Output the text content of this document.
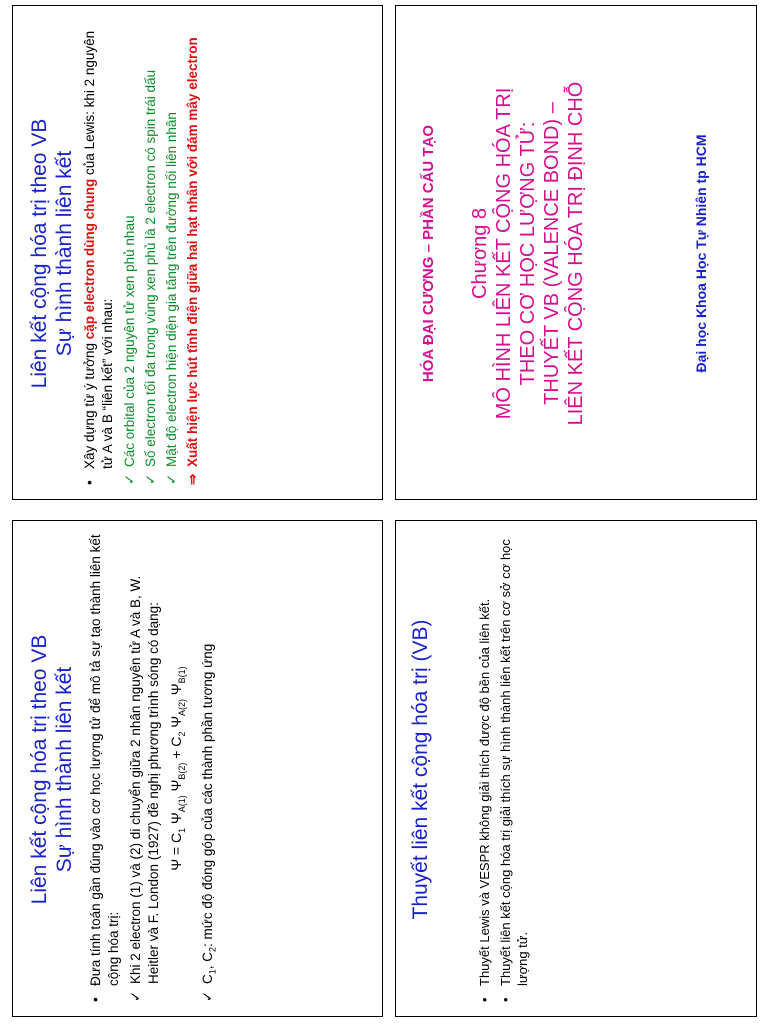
HÓA ĐẠI CƯƠNG – PHẦN CẤU TẠO Chương 8 MÔ HÌNH LIÊN KẾT CỘNG HÓA TRỊ THEO CƠ HỌC LƯỢNG TỬ: THUYẾT VB (VALENCE BOND) – LIÊN KẾT CỘNG HÓA TRỊ ĐỊNH CHỖ	Đại học Khoa Học Tự Nhiên tp HCM
Thuyết liên kết cộng hóa trị (VB)	• Thuyết Lewis và VESPR không giải thích được độ bền của liên kết. • Thuyết liên kết cộng hóa trị giải thích sự hình thành liên kết trên cơ sở cơ học lượng tử.
Liên kết cộng hóa trị theo VB Sự hình thành liên kết
• Xây dựng từ ý tưởng cặp electron dùng chung của Lewis: khi 2 nguyên tử A và B “liên kết” với nhau:
✓
Các orbital của 2 nguyên tử xen phủ nhau
✓
Số electron tối đa trong vùng xen phủ là 2 electron có spin trái dấu
✓
Mật độ electron hiện diện gia tăng trên đường nối liên nhân
⇒
Xuất hiện lực hút tĩnh điện giữa hai hạt nhân với đám mây electron
Liên kết cộng hóa trị theo VB Sự hình thành liên kết • Đưa tính toán gần đúng vào cơ học lượng tử để mô tả sự tạo thành liên kết cộng hóa trị:
✓
Khi 2 electron (1) và (2) di chuyển giữa 2 nhân nguyên tử A và B, W. Heitler và F. London (1927) đề nghị phương trình sóng có dạng: $\Psi = C_1$ $\Psi_{A(1)}$ $\Psi_{B(2)} + C_2$ $\Psi_{A(2)}$ $\Psi_{B(1)}$
✓
$C_1$, $C_2$: mức độ đóng góp của các thành phần tương ứng
